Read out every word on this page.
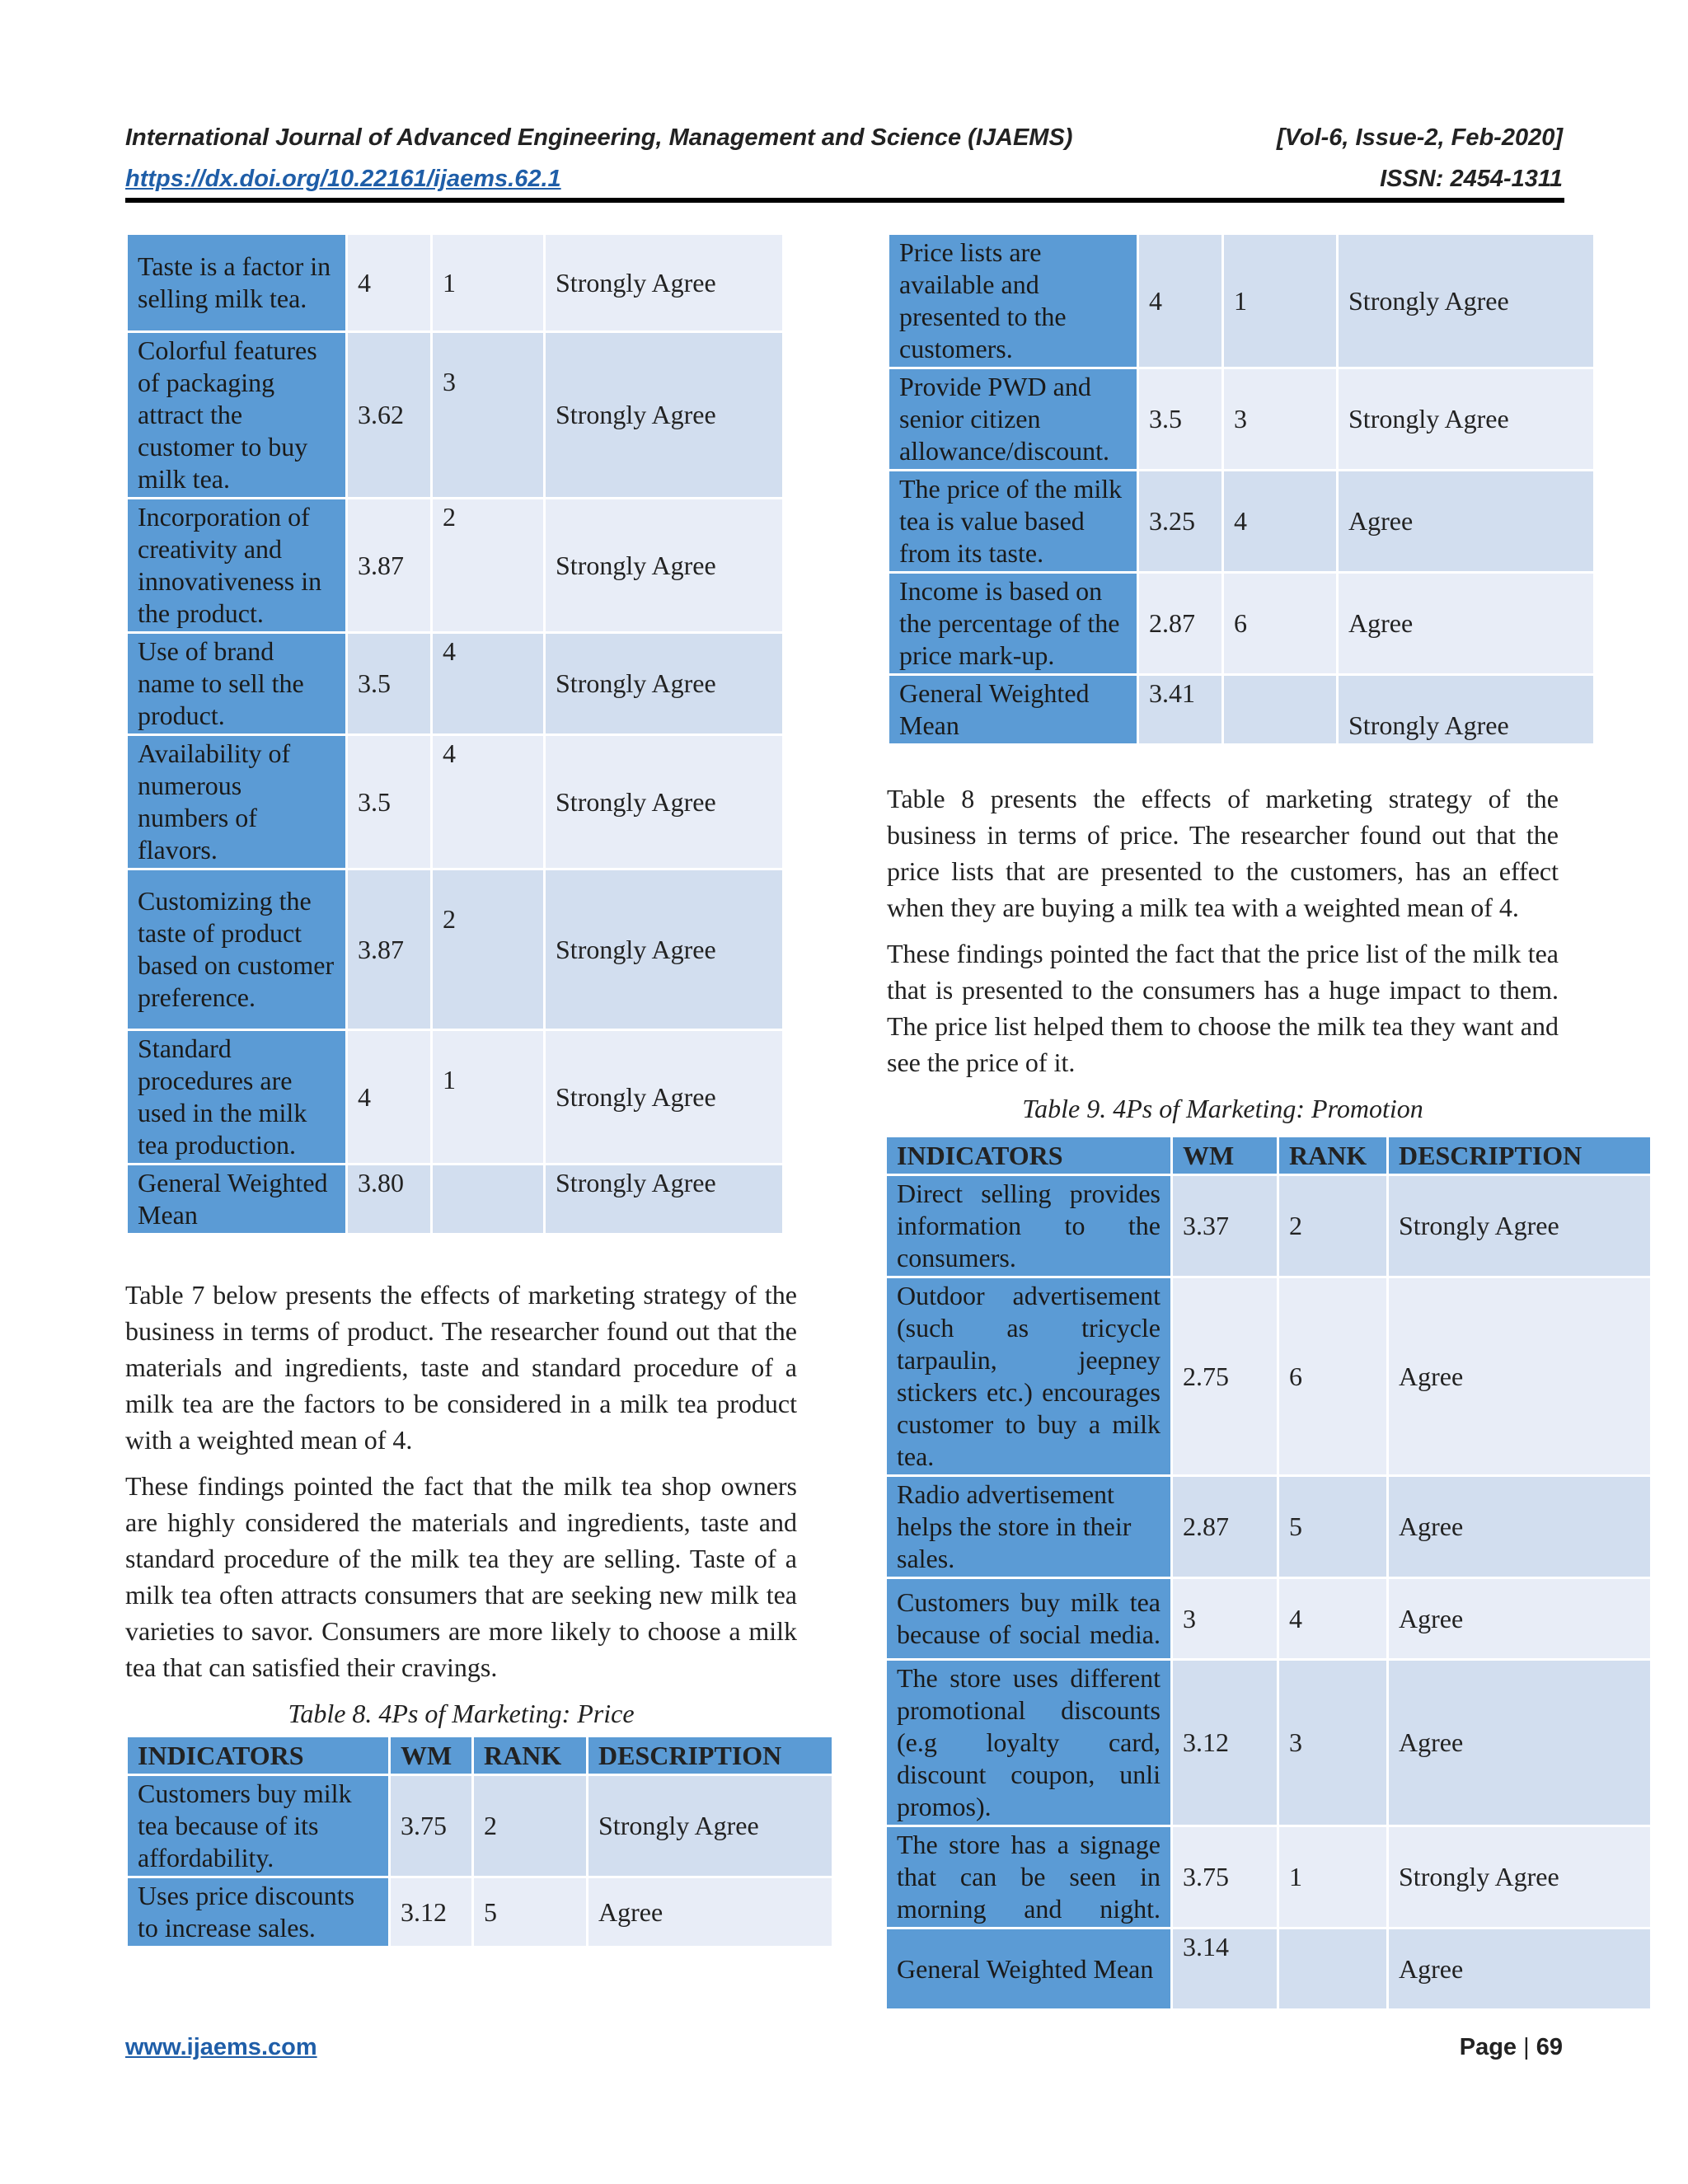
International Journal of Advanced Engineering, Management and Science (IJAEMS)	[Vol-6, Issue-2, Feb-2020]
https://dx.doi.org/10.22161/ijaems.62.1	ISSN: 2454-1311
Taste is a factor in selling milk tea.	4	1	Strongly Agree
Colorful features of packaging attract the customer to buy milk tea.	3.62	3	Strongly Agree
Incorporation of creativity and innovativeness in the product.	3.87	2	Strongly Agree
Use of brand name to sell the product.	3.5	4	Strongly Agree
Availability of numerous numbers of flavors.	3.5	4	Strongly Agree
Customizing the taste of product based on customer preference.	3.87	2	Strongly Agree
Standard procedures are used in the milk tea production.	4	1	Strongly Agree
General Weighted Mean	3.80		Strongly Agree

Table 7 below presents the effects of marketing strategy of the business in terms of product. The researcher found out that the materials and ingredients, taste and standard procedure of a milk tea are the factors to be considered in a milk tea product with a weighted mean of 4.

These findings pointed the fact that the milk tea shop owners are highly considered the materials and ingredients, taste and standard procedure of the milk tea they are selling. Taste of a milk tea often attracts consumers that are seeking new milk tea varieties to savor. Consumers are more likely to choose a milk tea that can satisfied their cravings.

Table 8. 4Ps of Marketing: Price
INDICATORS	WM	RANK	DESCRIPTION
Customers buy milk tea because of its affordability.	3.75	2	Strongly Agree
Uses price discounts to increase sales.	3.12	5	Agree
Price lists are available and presented to the customers.	4	1	Strongly Agree
Provide PWD and senior citizen allowance/discount.	3.5	3	Strongly Agree
The price of the milk tea is value based from its taste.	3.25	4	Agree
Income is based on the percentage of the price mark-up.	2.87	6	Agree
General Weighted Mean	3.41		Strongly Agree

Table 8 presents the effects of marketing strategy of the business in terms of price. The researcher found out that the price lists that are presented to the customers, has an effect when they are buying a milk tea with a weighted mean of 4.

These findings pointed the fact that the price list of the milk tea that is presented to the consumers has a huge impact to them. The price list helped them to choose the milk tea they want and see the price of it.

Table 9. 4Ps of Marketing: Promotion
INDICATORS	WM	RANK	DESCRIPTION
Direct selling provides information to the consumers.	3.37	2	Strongly Agree
Outdoor advertisement (such as tricycle tarpaulin, jeepney stickers etc.) encourages customer to buy a milk tea.	2.75	6	Agree
Radio advertisement helps the store in their sales.	2.87	5	Agree
Customers buy milk tea because of social media.	3	4	Agree
The store uses different promotional discounts (e.g loyalty card, discount coupon, unli promos).	3.12	3	Agree
The store has a signage that can be seen in morning and night.	3.75	1	Strongly Agree
General Weighted Mean	3.14		Agree
www.ijaems.com	Page | 69
